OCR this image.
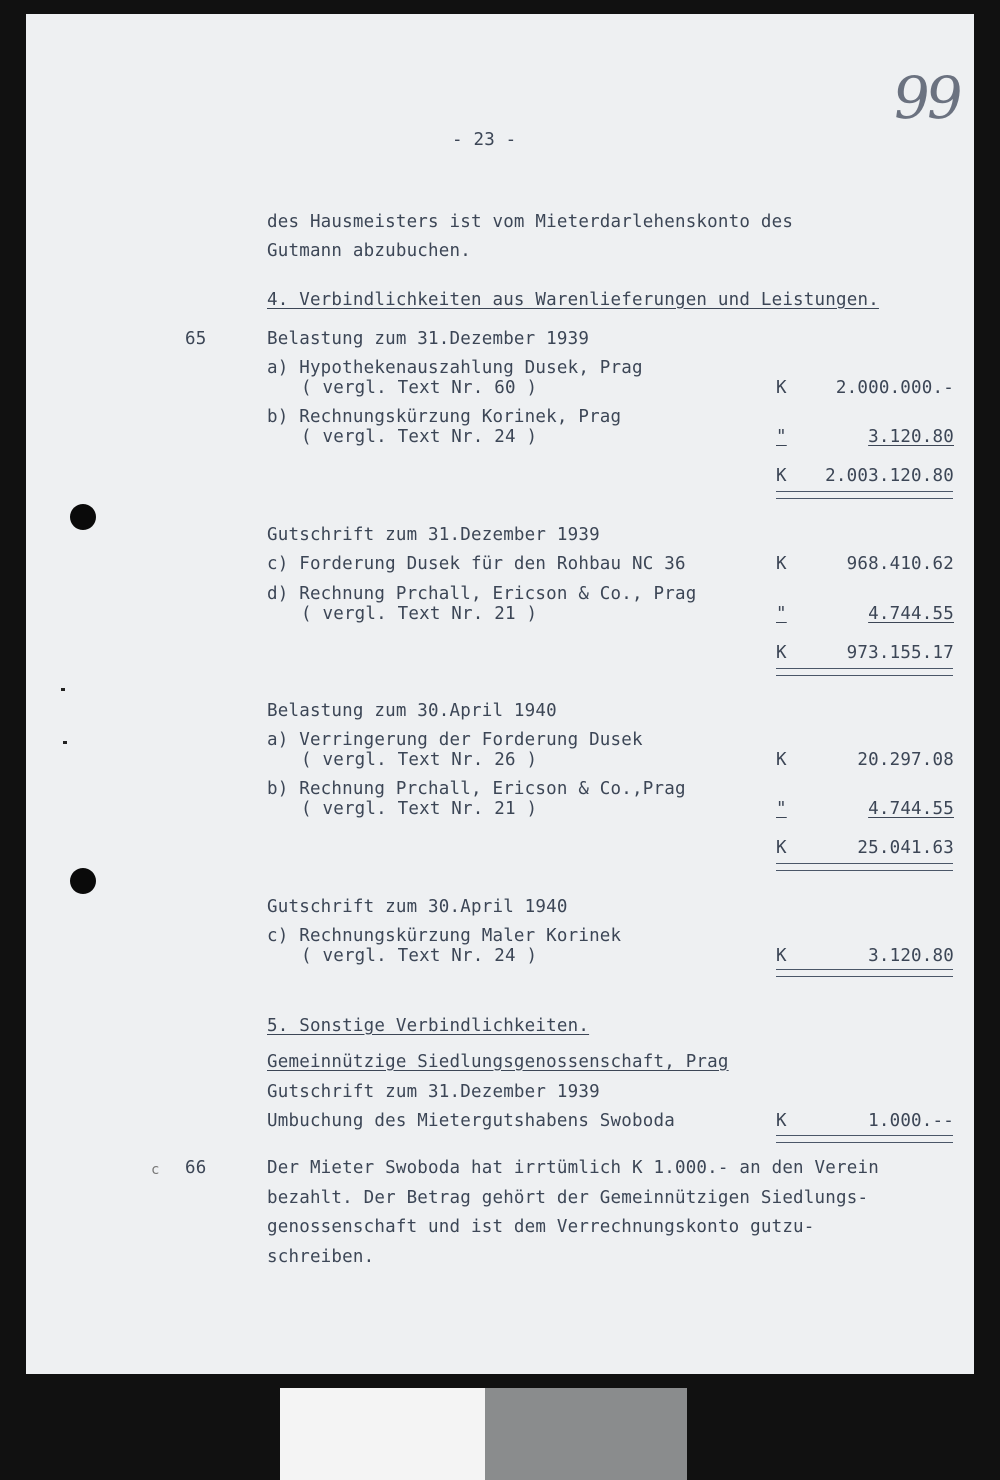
99
- 23 -
des Hausmeisters ist vom Mieterdarlehenskonto des
Gutmann abzubuchen.
4. Verbindlichkeiten aus Warenlieferungen und Leistungen.
65	Belastung zum 31.Dezember 1939
a) Hypothekenauszahlung Dusek, Prag
( vergl. Text Nr. 60 )	K	2.000.000.-
b) Rechnungskürzung Korinek, Prag
( vergl. Text Nr. 24 )	"	3.120.80
K	2.003.120.80
Gutschrift zum 31.Dezember 1939
c) Forderung Dusek für den Rohbau NC 36	K	968.410.62
d) Rechnung Prchall, Ericson & Co., Prag
( vergl. Text Nr. 21 )	"	4.744.55
K	973.155.17
Belastung zum 30.April 1940
a) Verringerung der Forderung Dusek
( vergl. Text Nr. 26 )	K	20.297.08
b) Rechnung Prchall, Ericson & Co.,Prag
( vergl. Text Nr. 21 )	"	4.744.55
K	25.041.63
Gutschrift zum 30.April 1940
c) Rechnungskürzung Maler Korinek
( vergl. Text Nr. 24 )	K	3.120.80
5. Sonstige Verbindlichkeiten.
Gemeinnützige Siedlungsgenossenschaft, Prag
Gutschrift zum 31.Dezember 1939
Umbuchung des Mietergutshabens Swoboda	K	1.000.--
c 66	Der Mieter Swoboda hat irrtümlich K 1.000.- an den Verein
bezahlt. Der Betrag gehört der Gemeinnützigen Siedlungs-
genossenschaft und ist dem Verrechnungskonto gutzu-
schreiben.
